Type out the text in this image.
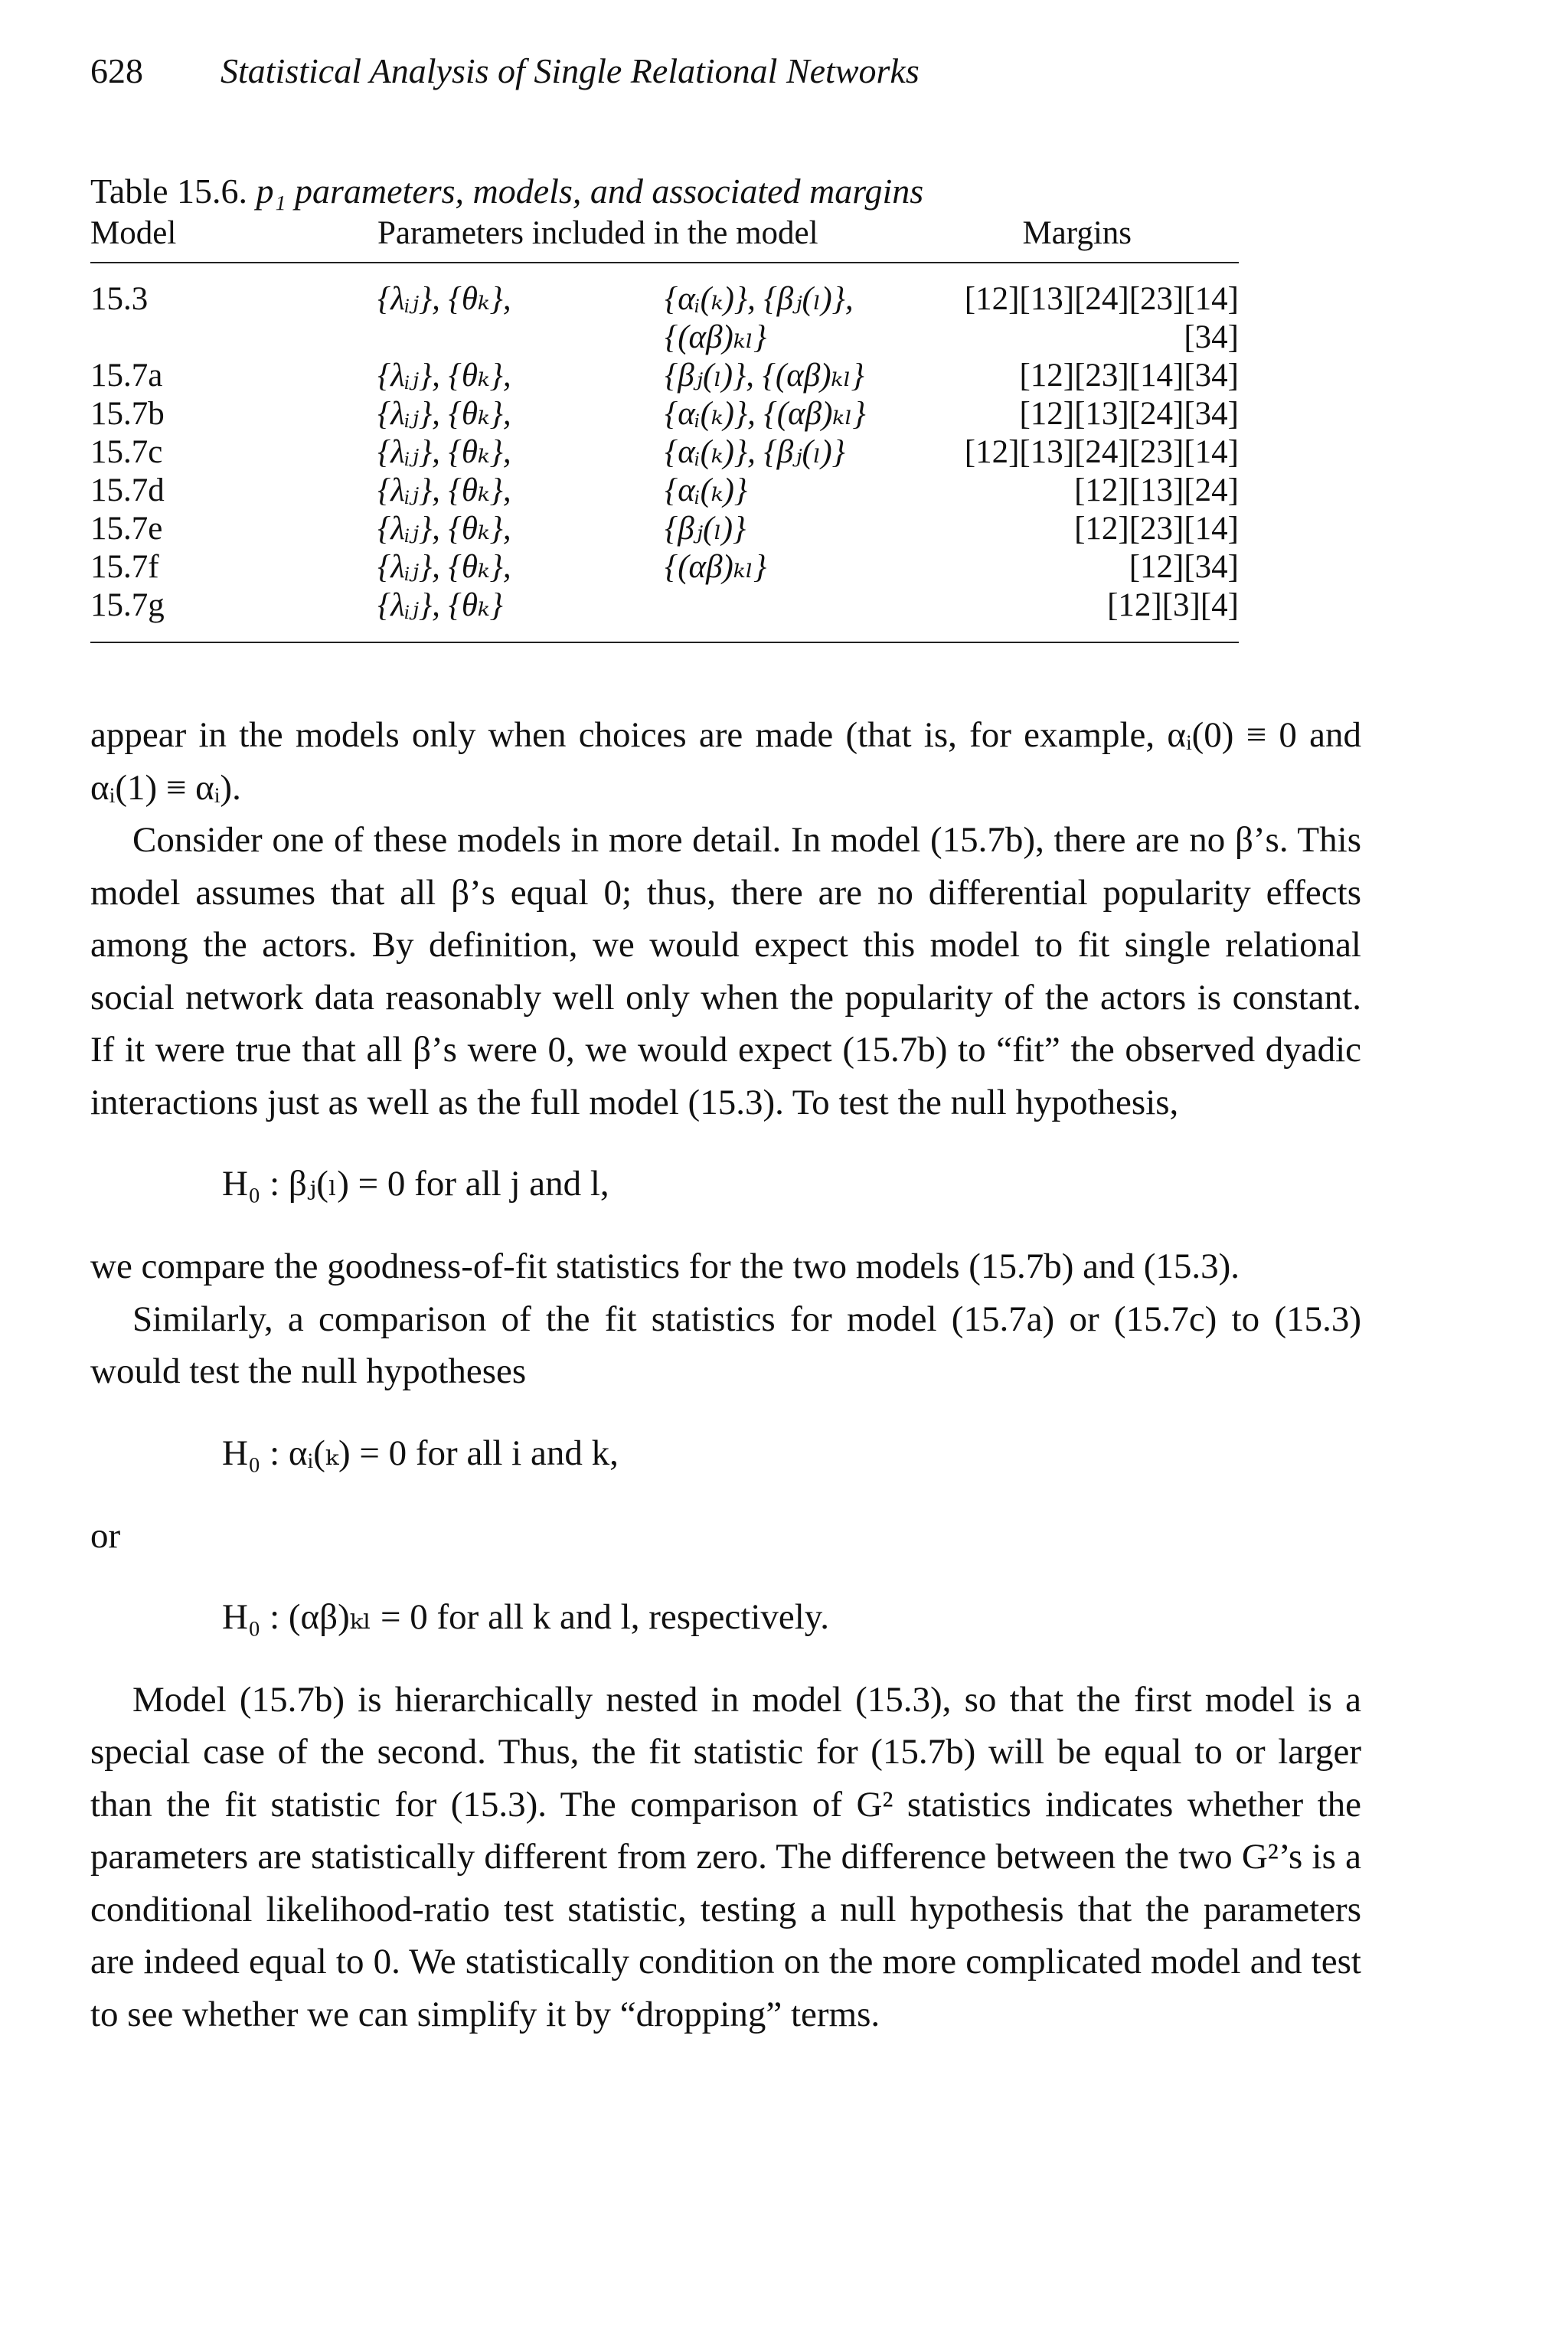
628	Statistical Analysis of Single Relational Networks
Table 15.6. p₁ parameters, models, and associated margins
Model	Parameters included in the model		Margins
15.3	{λᵢⱼ}, {θₖ},	{αᵢ(ₖ)}, {βⱼ(ₗ)}, {(αβ)ₖₗ}	[12][13][24][23][14][34]
15.7a	{λᵢⱼ}, {θₖ},	{βⱼ(ₗ)}, {(αβ)ₖₗ}	[12][23][14][34]
15.7b	{λᵢⱼ}, {θₖ},	{αᵢ(ₖ)}, {(αβ)ₖₗ}	[12][13][24][34]
15.7c	{λᵢⱼ}, {θₖ},	{αᵢ(ₖ)}, {βⱼ(ₗ)}	[12][13][24][23][14]
15.7d	{λᵢⱼ}, {θₖ},	{αᵢ(ₖ)}	[12][13][24]
15.7e	{λᵢⱼ}, {θₖ},	{βⱼ(ₗ)}	[12][23][14]
15.7f	{λᵢⱼ}, {θₖ},	{(αβ)ₖₗ}	[12][34]
15.7g	{λᵢⱼ}, {θₖ}		[12][3][4]

appear in the models only when choices are made (that is, for example, αᵢ(0) ≡ 0 and αᵢ(1) ≡ αᵢ).

Consider one of these models in more detail. In model (15.7b), there are no β’s. This model assumes that all β’s equal 0; thus, there are no differential popularity effects among the actors. By definition, we would expect this model to fit single relational social network data reasonably well only when the popularity of the actors is constant. If it were true that all β’s were 0, we would expect (15.7b) to “fit” the observed dyadic interactions just as well as the full model (15.3). To test the null hypothesis,

H₀ : βⱼ(ₗ) = 0 for all j and l,

we compare the goodness-of-fit statistics for the two models (15.7b) and (15.3).

Similarly, a comparison of the fit statistics for model (15.7a) or (15.7c) to (15.3) would test the null hypotheses

H₀ : αᵢ(ₖ) = 0 for all i and k,

or

H₀ : (αβ)ₖₗ = 0 for all k and l, respectively.

Model (15.7b) is hierarchically nested in model (15.3), so that the first model is a special case of the second. Thus, the fit statistic for (15.7b) will be equal to or larger than the fit statistic for (15.3). The comparison of G² statistics indicates whether the parameters are statistically different from zero. The difference between the two G²’s is a conditional likelihood-ratio test statistic, testing a null hypothesis that the parameters are indeed equal to 0. We statistically condition on the more complicated model and test to see whether we can simplify it by “dropping” terms.
